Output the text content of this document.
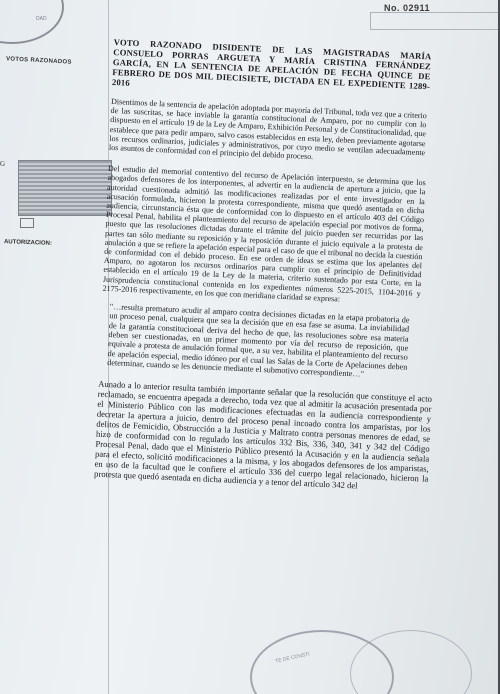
DAD
VOTOS RAZONADOS
G
AUTORIZACION:
No. 02911

VOTO RAZONADO DISIDENTE DE LAS MAGISTRADAS MARÍA CONSUELO PORRAS ARGUETA Y MARÍA CRISTINA FERNÁNDEZ GARCÍA, EN LA SENTENCIA DE APELACIÓN DE FECHA QUINCE DE FEBRERO DE DOS MIL DIECISIETE, DICTADA EN EL EXPEDIENTE 1289-2016

Disentimos de la sentencia de apelación adoptada por mayoría del Tribunal, toda vez que a criterio de las suscritas, se hace inviable la garantía constitucional de Amparo, por no cumplir con lo dispuesto en el artículo 19 de la Ley de Amparo, Exhibición Personal y de Constitucionalidad, que establece que para pedir amparo, salvo casos establecidos en esta ley, deben previamente agotarse los recursos ordinarios, judiciales y administrativos, por cuyo medio se ventilan adecuadamente los asuntos de conformidad con el principio del debido proceso.

Del estudio del memorial contentivo del recurso de Apelación interpuesto, se determina que los abogados defensores de los interponentes, al advertir en la audiencia de apertura a juicio, que la autoridad cuestionada admitió las modificaciones realizadas por el ente investigador en la acusación formulada, hicieron la protesta correspondiente, misma que quedó asentada en dicha audiencia, circunstancia ésta que de conformidad con lo dispuesto en el artículo 403 del Código Procesal Penal, habilita el planteamiento del recurso de apelación especial por motivos de forma, puesto que las resoluciones dictadas durante el trámite del juicio pueden ser recurridas por las partes tan sólo mediante su reposición y la reposición durante el juicio equivale a la protesta de anulación a que se refiere la apelación especial para el caso de que el tribunal no decida la cuestión de conformidad con el debido proceso. En ese orden de ideas se estima que los apelantes del Amparo, no agotaron los recursos ordinarios para cumplir con el principio de Definitividad establecido en el artículo 19 de la Ley de la materia, criterio sustentado por esta Corte, en la Jurisprudencia constitucional contenida en los expedientes números 5225-2015, 1104-2016 y 2175-2016 respectivamente, en los que con meridiana claridad se expresa:

"…resulta prematuro acudir al amparo contra decisiones dictadas en la etapa probatoria de un proceso penal, cualquiera que sea la decisión que en esa fase se asuma. La inviabilidad de la garantía constitucional deriva del hecho de que, las resoluciones sobre esa materia deben ser cuestionadas, en un primer momento por vía del recurso de reposición, que equivale a protesta de anulación formal que, a su vez, habilita el planteamiento del recurso de apelación especial, medio idóneo por el cual las Salas de la Corte de Apelaciones deben determinar, cuando se les denuncie mediante el submotivo correspondiente…"

Aunado a lo anterior resulta también importante señalar que la resolución que constituye el acto reclamado, se encuentra apegada a derecho, toda vez que al admitir la acusación presentada por el Ministerio Público con las modificaciones efectuadas en la audiencia correspondiente y decretar la apertura a juicio, dentro del proceso penal incoado contra los amparistas, por los delitos de Femicidio, Obstrucción a la Justicia y Maltrato contra personas menores de edad, se hizo de conformidad con lo regulado los artículos 332 Bis, 336, 340, 341 y 342 del Código Procesal Penal, dado que el Ministerio Público presentó la Acusación y en la audiencia señala para el efecto, solicitó modificaciones a la misma, y los abogados defensores de los amparistas, en uso de la facultad que le confiere el artículo 336 del cuerpo legal relacionado, hicieron la protesta que quedó asentada en dicha audiencia y a tenor del artículo 342 del

TE DE CONSTI
